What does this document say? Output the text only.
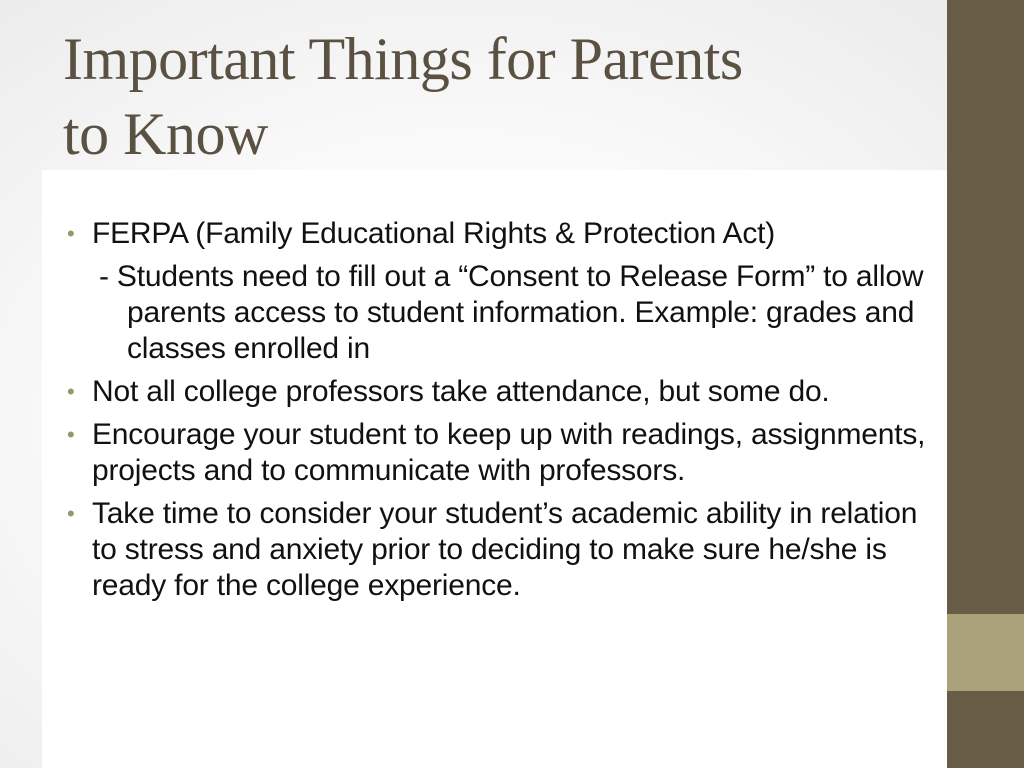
Important Things for Parents
to Know
• FERPA (Family Educational Rights & Protection Act)
- Students need to fill out a “Consent to Release Form” to allow parents access to student information. Example: grades and classes enrolled in
• Not all college professors take attendance, but some do.
• Encourage your student to keep up with readings, assignments, projects and to communicate with professors.
• Take time to consider your student’s academic ability in relation to stress and anxiety prior to deciding to make sure he/she is ready for the college experience.
